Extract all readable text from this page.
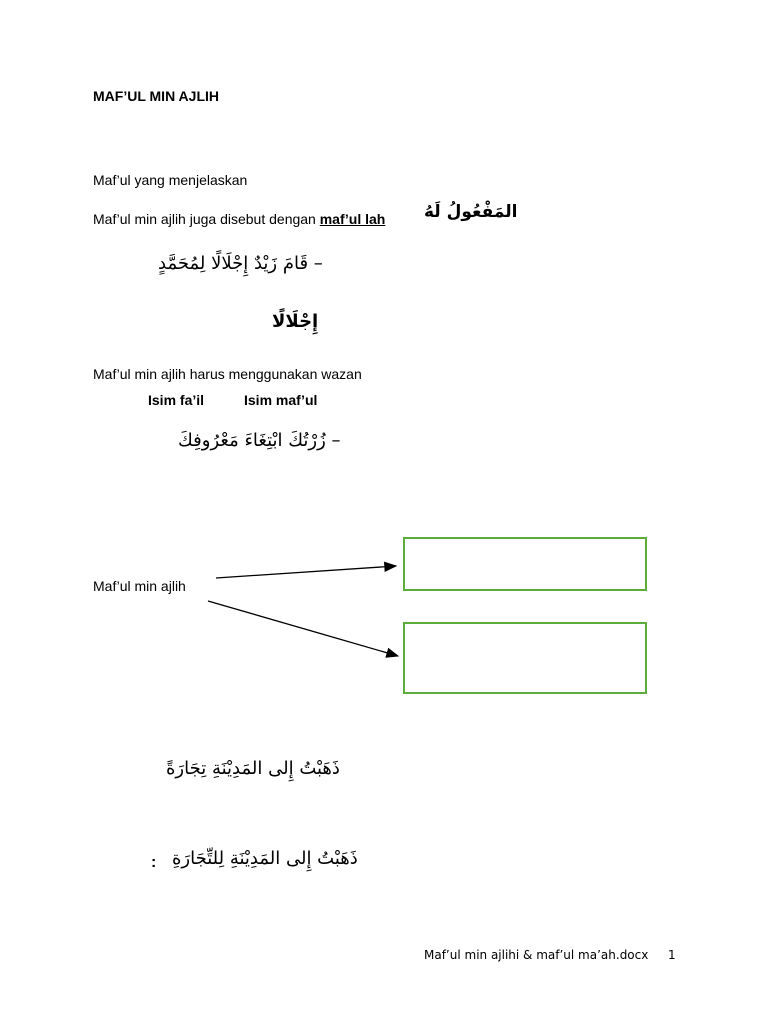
MAF’UL MIN AJLIH
Maf’ul yang menjelaskan
Maf’ul min ajlih juga disebut dengan maf’ul lah المَفْعُولُ لَهُ
– قَامَ زَيْدٌ إِجْلَالًا لِمُحَمَّدٍ
إِجْلَالًا
Maf’ul min ajlih harus menggunakan wazan
Isim fa’il	Isim maf’ul
– زُرْتُكَ ابْتِغَاءَ مَعْرُوفِكَ
Maf’ul min ajlih
ذَهَبْتُ إِلى المَدِيْنَةِ تِجَارَةً
: ذَهَبْتُ إِلى المَدِيْنَةِ لِلتِّجَارَةِ
Maf’ul min ajlihi & maf’ul ma’ah.docx 1
